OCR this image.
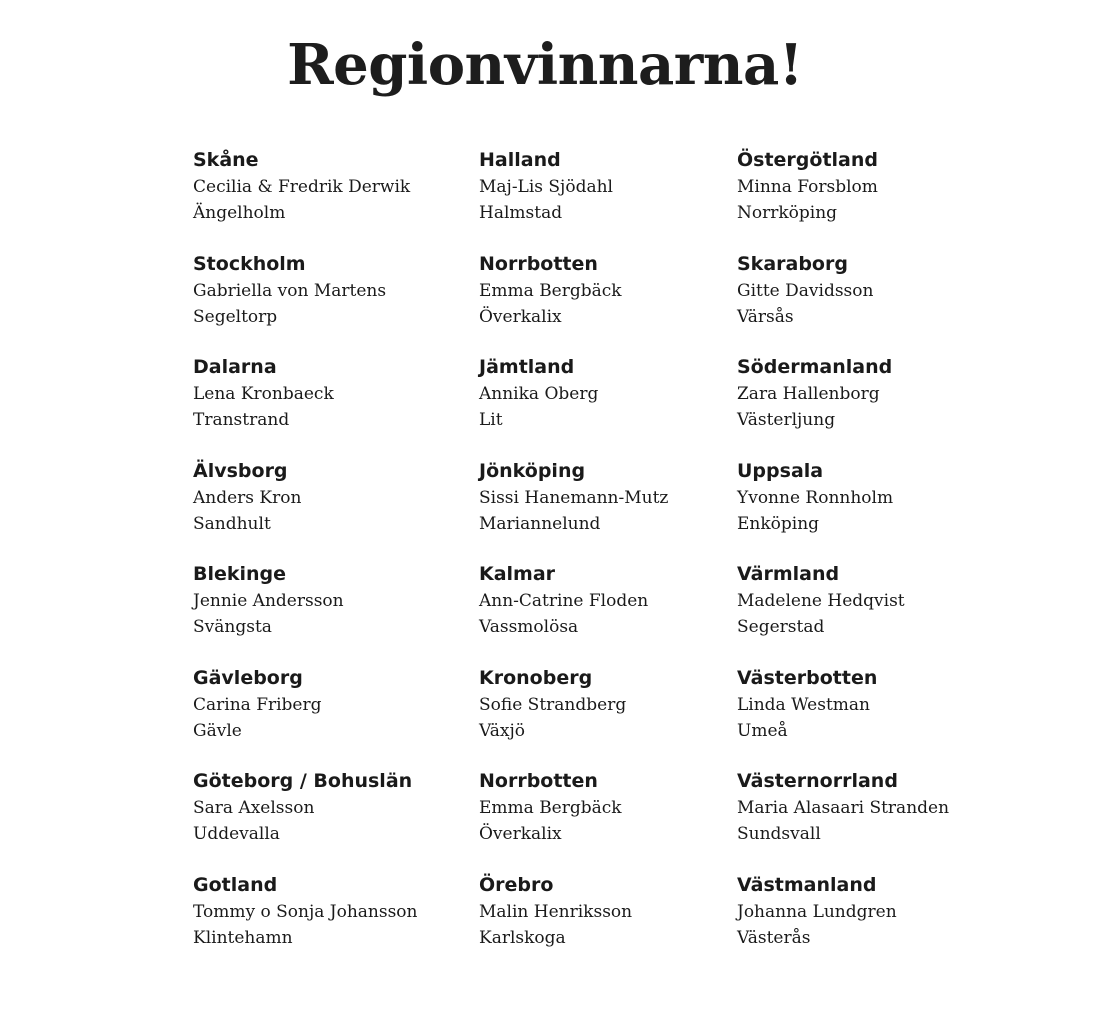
Regionvinnarna!
Skåne
Cecilia & Fredrik Derwik
Ängelholm
Stockholm
Gabriella von Martens
Segeltorp
Dalarna
Lena Kronbaeck
Transtrand
Älvsborg
Anders Kron
Sandhult
Blekinge
Jennie Andersson
Svängsta
Gävleborg
Carina Friberg
Gävle
Göteborg / Bohuslän
Sara Axelsson
Uddevalla
Gotland
Tommy o Sonja Johansson
Klintehamn
Halland
Maj-Lis Sjödahl
Halmstad
Norrbotten
Emma Bergbäck
Överkalix
Jämtland
Annika Oberg
Lit
Jönköping
Sissi Hanemann-Mutz
Mariannelund
Kalmar
Ann-Catrine Floden
Vassmolösa
Kronoberg
Sofie Strandberg
Växjö
Norrbotten
Emma Bergbäck
Överkalix
Örebro
Malin Henriksson
Karlskoga
Östergötland
Minna Forsblom
Norrköping
Skaraborg
Gitte Davidsson
Värsås
Södermanland
Zara Hallenborg
Västerljung
Uppsala
Yvonne Ronnholm
Enköping
Värmland
Madelene Hedqvist
Segerstad
Västerbotten
Linda Westman
Umeå
Västernorrland
Maria Alasaari Stranden
Sundsvall
Västmanland
Johanna Lundgren
Västerås
